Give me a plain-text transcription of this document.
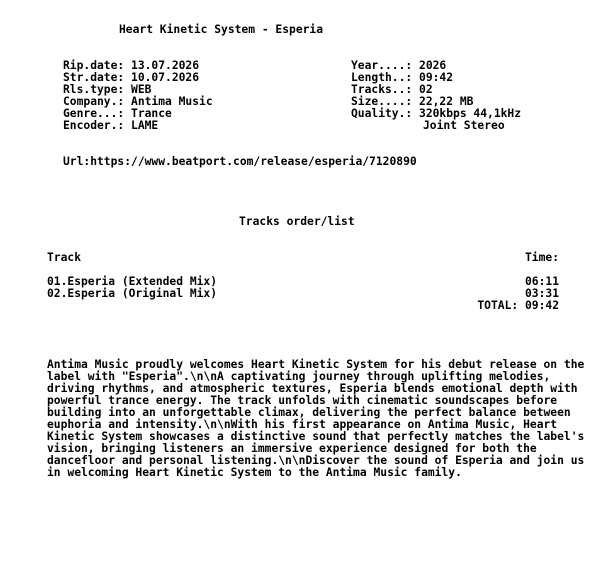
Heart Kinetic System - Esperia
Rip.date: 13.07.2026
Str.date: 10.07.2026
Rls.type: WEB
Company.: Antima Music
Genre...: Trance
Encoder.: LAME
Year....: 2026
Length..: 09:42
Tracks..: 02
Size....: 22,22 MB
Quality.: 320kbps 44,1kHz
Joint Stereo
Url:https://www.beatport.com/release/esperia/7120890
Tracks order/list
Track	Time:
01.Esperia (Extended Mix)	06:11
02.Esperia (Original Mix)	03:31
TOTAL: 09:42
Antima Music proudly welcomes Heart Kinetic System for his debut release on the label with "Esperia".\n\nA captivating journey through uplifting melodies, driving rhythms, and atmospheric textures, Esperia blends emotional depth with powerful trance energy. The track unfolds with cinematic soundscapes before building into an unforgettable climax, delivering the perfect balance between euphoria and intensity.\n\nWith his first appearance on Antima Music, Heart Kinetic System showcases a distinctive sound that perfectly matches the label's vision, bringing listeners an immersive experience designed for both the dancefloor and personal listening.\n\nDiscover the sound of Esperia and join us in welcoming Heart Kinetic System to the Antima Music family.
